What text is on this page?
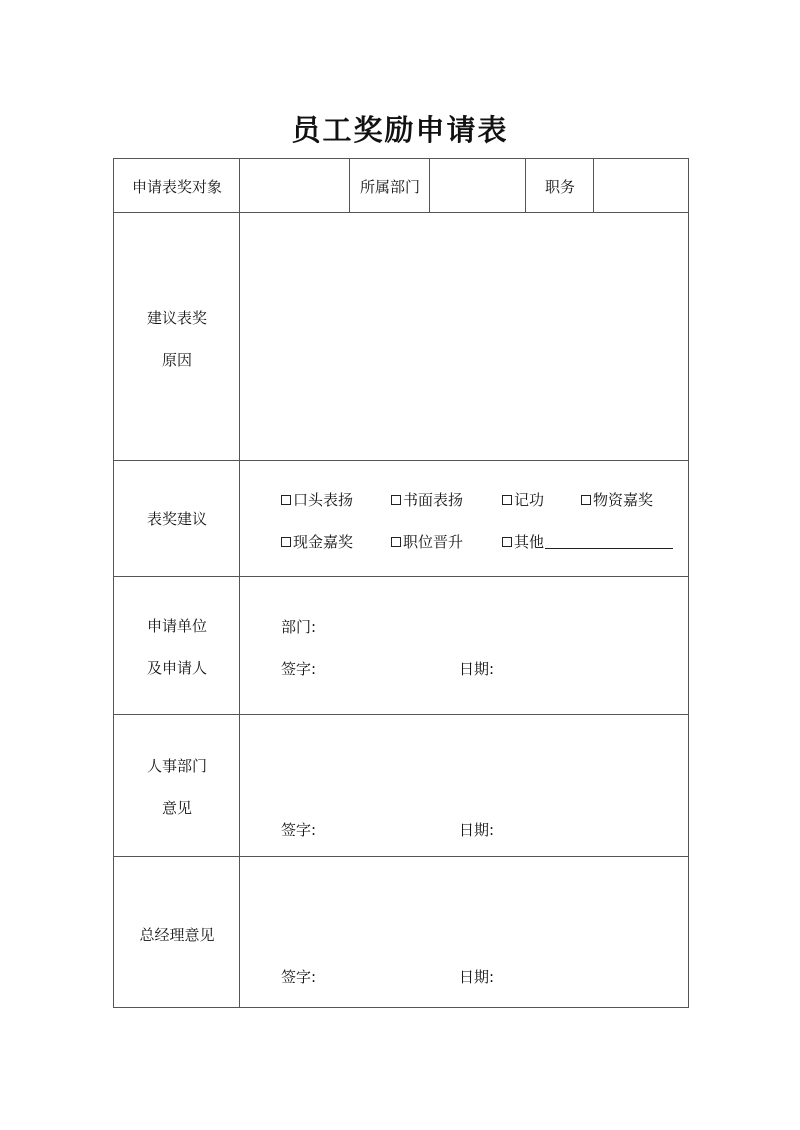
员工奖励申请表
申请表奖对象	所属部门	职务
建议表奖
原因
表奖建议
口头表扬	书面表扬	记功	物资嘉奖
现金嘉奖	职位晋升	其他
申请单位
及申请人
部门:
签字:	日期:
人事部门
意见
签字:	日期:
总经理意见
签字:	日期:
